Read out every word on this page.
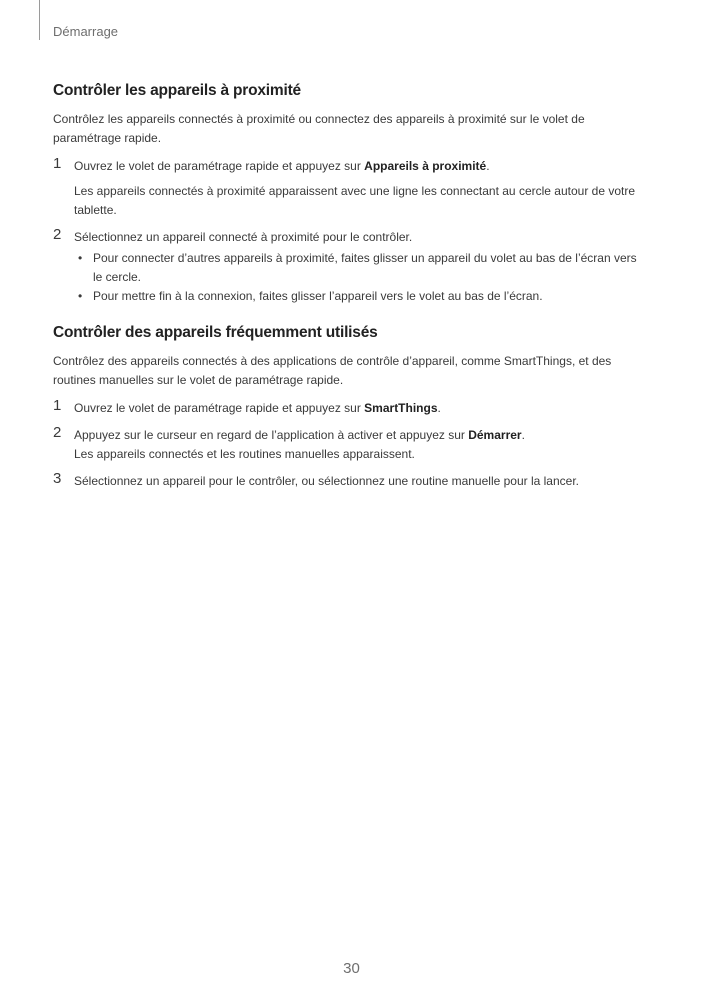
Démarrage
Contrôler les appareils à proximité

Contrôlez les appareils connectés à proximité ou connectez des appareils à proximité sur le volet de paramétrage rapide.

1 Ouvrez le volet de paramétrage rapide et appuyez sur Appareils à proximité.
Les appareils connectés à proximité apparaissent avec une ligne les connectant au cercle autour de votre tablette.
2 Sélectionnez un appareil connecté à proximité pour le contrôler.
• Pour connecter d’autres appareils à proximité, faites glisser un appareil du volet au bas de l’écran vers le cercle.
• Pour mettre fin à la connexion, faites glisser l’appareil vers le volet au bas de l’écran.
Contrôler des appareils fréquemment utilisés

Contrôlez des appareils connectés à des applications de contrôle d’appareil, comme SmartThings, et des routines manuelles sur le volet de paramétrage rapide.

1 Ouvrez le volet de paramétrage rapide et appuyez sur SmartThings.
2 Appuyez sur le curseur en regard de l’application à activer et appuyez sur Démarrer.
Les appareils connectés et les routines manuelles apparaissent.
3 Sélectionnez un appareil pour le contrôler, ou sélectionnez une routine manuelle pour la lancer.
30
